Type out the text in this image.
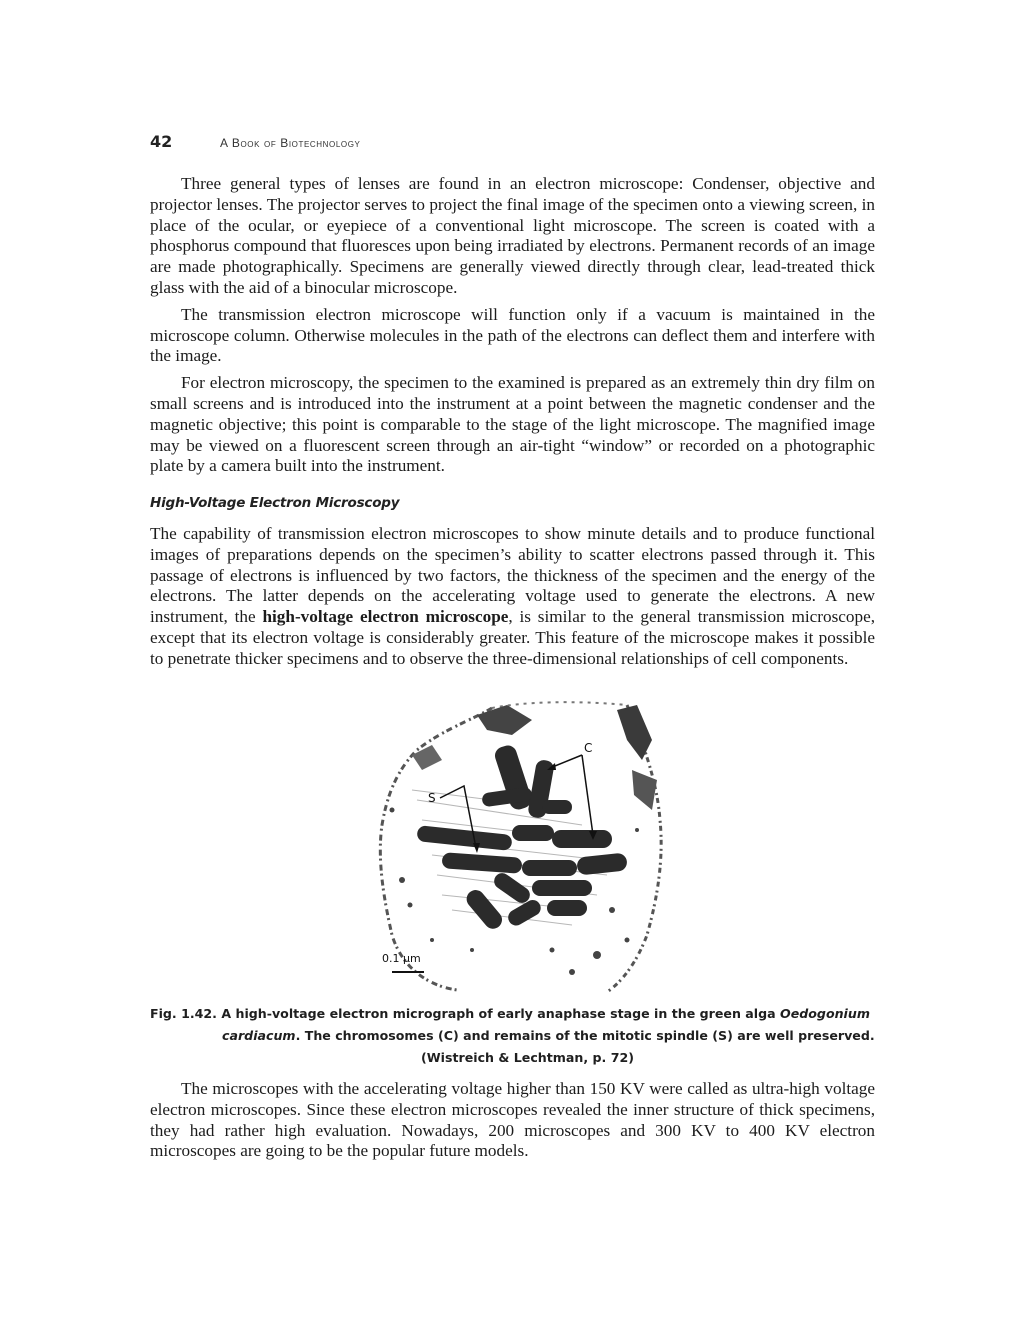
42	A Book of Biotechnology

Three general types of lenses are found in an electron microscope: Condenser, objective and projector lenses. The projector serves to project the final image of the specimen onto a viewing screen, in place of the ocular, or eyepiece of a conventional light microscope. The screen is coated with a phosphorus compound that fluoresces upon being irradiated by electrons. Permanent records of an image are made photographically. Specimens are generally viewed directly through clear, lead-treated thick glass with the aid of a binocular microscope.

The transmission electron microscope will function only if a vacuum is maintained in the microscope column. Otherwise molecules in the path of the electrons can deflect them and interfere with the image.

For electron microscopy, the specimen to the examined is prepared as an extremely thin dry film on small screens and is introduced into the instrument at a point between the magnetic condenser and the magnetic objective; this point is comparable to the stage of the light microscope. The magnified image may be viewed on a fluorescent screen through an air-tight “window” or recorded on a photographic plate by a camera built into the instrument.

High-Voltage Electron Microscopy

The capability of transmission electron microscopes to show minute details and to produce functional images of preparations depends on the specimen’s ability to scatter electrons passed through it. This passage of electrons is influenced by two factors, the thickness of the specimen and the energy of the electrons. The latter depends on the accelerating voltage used to generate the electrons. A new instrument, the high-voltage electron microscope, is similar to the general transmission microscope, except that its electron voltage is considerably greater. This feature of the microscope makes it possible to penetrate thicker specimens and to observe the three-dimensional relationships of cell components.

C
S
0.1 μm
Fig. 1.42. A high-voltage electron micrograph of early anaphase stage in the green alga Oedogonium
cardiacum. The chromosomes (C) and remains of the mitotic spindle (S) are well preserved.
(Wistreich & Lechtman, p. 72)

The microscopes with the accelerating voltage higher than 150 KV were called as ultra-high voltage electron microscopes. Since these electron microscopes revealed the inner structure of thick specimens, they had rather high evaluation. Nowadays, 200 microscopes and 300 KV to 400 KV electron microscopes are going to be the popular future models.
